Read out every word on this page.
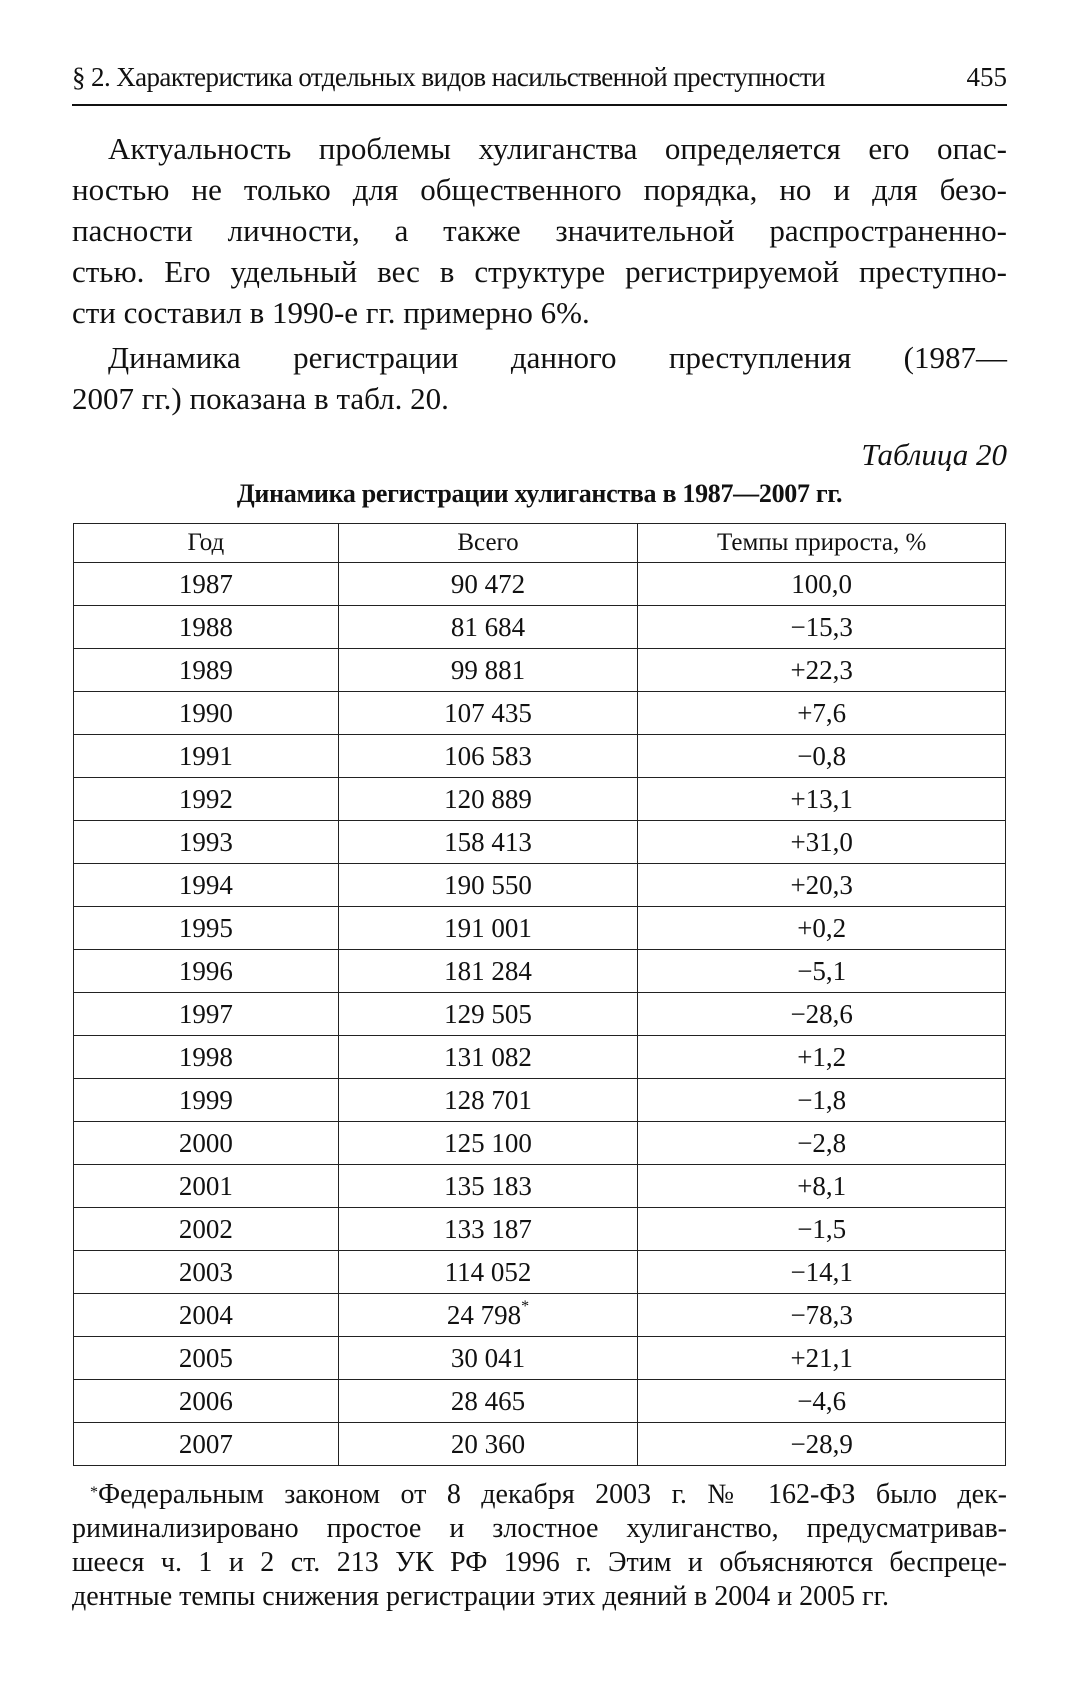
§ 2. Характеристика отдельных видов насильственной преступности	455

Актуальность проблемы хулиганства определяется его опас-
ностью не только для общественного порядка, но и для безо-
пасности личности, а также значительной распространенно-
стью. Его удельный вес в структуре регистрируемой преступно-
сти составил в 1990-е гг. примерно 6%.

Динамика регистрации данного преступления (1987—
2007 гг.) показана в табл. 20.

Таблица 20
Динамика регистрации хулиганства в 1987—2007 гг.
Год	Всего	Темпы прироста, %
1987	90 472	100,0
1988	81 684	−15,3
1989	99 881	+22,3
1990	107 435	+7,6
1991	106 583	−0,8
1992	120 889	+13,1
1993	158 413	+31,0
1994	190 550	+20,3
1995	191 001	+0,2
1996	181 284	−5,1
1997	129 505	−28,6
1998	131 082	+1,2
1999	128 701	−1,8
2000	125 100	−2,8
2001	135 183	+8,1
2002	133 187	−1,5
2003	114 052	−14,1
2004	24 798*	−78,3
2005	30 041	+21,1
2006	28 465	−4,6
2007	20 360	−28,9
*Федеральным законом от 8 декабря 2003 г. № 162-ФЗ было дек-
риминализировано простое и злостное хулиганство, предусматривав-
шееся ч. 1 и 2 ст. 213 УК РФ 1996 г. Этим и объясняются беспреце-
дентные темпы снижения регистрации этих деяний в 2004 и 2005 гг.
